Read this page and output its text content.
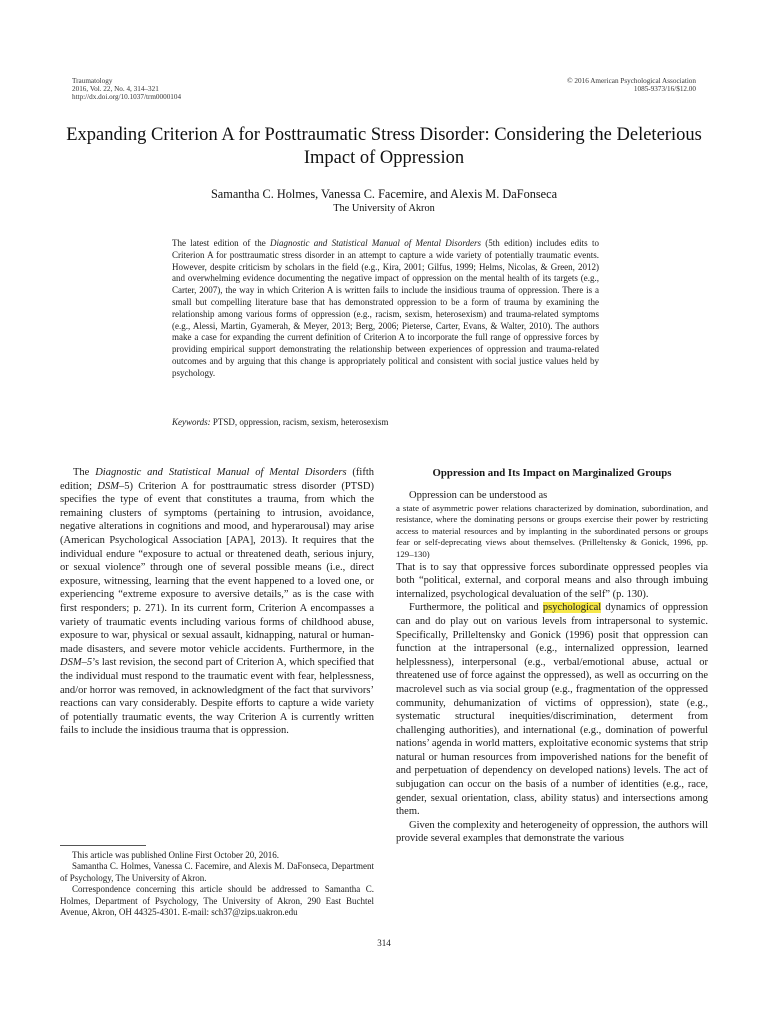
Traumatology
2016, Vol. 22, No. 4, 314–321
http://dx.doi.org/10.1037/trm0000104
© 2016 American Psychological Association
1085-9373/16/$12.00
Expanding Criterion A for Posttraumatic Stress Disorder: Considering the Deleterious Impact of Oppression
Samantha C. Holmes, Vanessa C. Facemire, and Alexis M. DaFonseca
The University of Akron

The latest edition of the Diagnostic and Statistical Manual of Mental Disorders (5th edition) includes edits to Criterion A for posttraumatic stress disorder in an attempt to capture a wide variety of potentially traumatic events. However, despite criticism by scholars in the field (e.g., Kira, 2001; Gilfus, 1999; Helms, Nicolas, & Green, 2012) and overwhelming evidence documenting the negative impact of oppression on the mental health of its targets (e.g., Carter, 2007), the way in which Criterion A is written fails to include the insidious trauma of oppression. There is a small but compelling literature base that has demonstrated oppression to be a form of trauma by examining the relationship among various forms of oppression (e.g., racism, sexism, heterosexism) and trauma-related symptoms (e.g., Alessi, Martin, Gyamerah, & Meyer, 2013; Berg, 2006; Pieterse, Carter, Evans, & Walter, 2010). The authors make a case for expanding the current definition of Criterion A to incorporate the full range of oppressive forces by providing empirical support demonstrating the relationship between experiences of oppression and trauma-related outcomes and by arguing that this change is appropriately political and consistent with social justice values held by psychology.

Keywords: PTSD, oppression, racism, sexism, heterosexism

The Diagnostic and Statistical Manual of Mental Disorders (fifth edition; DSM–5) Criterion A for posttraumatic stress disorder (PTSD) specifies the type of event that constitutes a trauma, from which the remaining clusters of symptoms (pertaining to intrusion, avoidance, negative alterations in cognitions and mood, and hyperarousal) may arise (American Psychological Association [APA], 2013). It requires that the individual endure “exposure to actual or threatened death, serious injury, or sexual violence” through one of several possible means (i.e., direct exposure, witnessing, learning that the event happened to a loved one, or experiencing “extreme exposure to aversive details,” as is the case with first responders; p. 271). In its current form, Criterion A encompasses a variety of traumatic events including various forms of childhood abuse, exposure to war, physical or sexual assault, kidnapping, natural or human-made disasters, and severe motor vehicle accidents. Furthermore, in the DSM–5’s last revision, the second part of Criterion A, which specified that the individual must respond to the traumatic event with fear, helplessness, and/or horror was removed, in acknowledgment of the fact that survivors’ reactions can vary considerably. Despite efforts to capture a wide variety of potentially traumatic events, the way Criterion A is currently written fails to include the insidious trauma that is oppression.

This article was published Online First October 20, 2016.

Samantha C. Holmes, Vanessa C. Facemire, and Alexis M. DaFonseca, Department of Psychology, The University of Akron.

Correspondence concerning this article should be addressed to Samantha C. Holmes, Department of Psychology, The University of Akron, 290 East Buchtel Avenue, Akron, OH 44325-4301. E-mail: sch37@zips.uakron.edu

Oppression and Its Impact on Marginalized Groups

Oppression can be understood as

a state of asymmetric power relations characterized by domination, subordination, and resistance, where the dominating persons or groups exercise their power by restricting access to material resources and by implanting in the subordinated persons or groups fear or self-deprecating views about themselves. (Prilleltensky & Gonick, 1996, pp. 129–130)

That is to say that oppressive forces subordinate oppressed peoples via both “political, external, and corporal means and also through imbuing internalized, psychological devaluation of the self” (p. 130).

Furthermore, the political and psychological dynamics of oppression can and do play out on various levels from intrapersonal to systemic. Specifically, Prilleltensky and Gonick (1996) posit that oppression can function at the intrapersonal (e.g., internalized oppression, learned helplessness), interpersonal (e.g., verbal/emotional abuse, actual or threatened use of force against the oppressed), as well as occurring on the macrolevel such as via social group (e.g., fragmentation of the oppressed community, dehumanization of victims of oppression), state (e.g., systematic structural inequities/discrimination, determent from challenging authorities), and international (e.g., domination of powerful nations’ agenda in world matters, exploitative economic systems that strip natural or human resources from impoverished nations for the benefit of and perpetuation of dependency on developed nations) levels. The act of subjugation can occur on the basis of a number of identities (e.g., race, gender, sexual orientation, class, ability status) and intersections among them.

Given the complexity and heterogeneity of oppression, the authors will provide several examples that demonstrate the various

314
